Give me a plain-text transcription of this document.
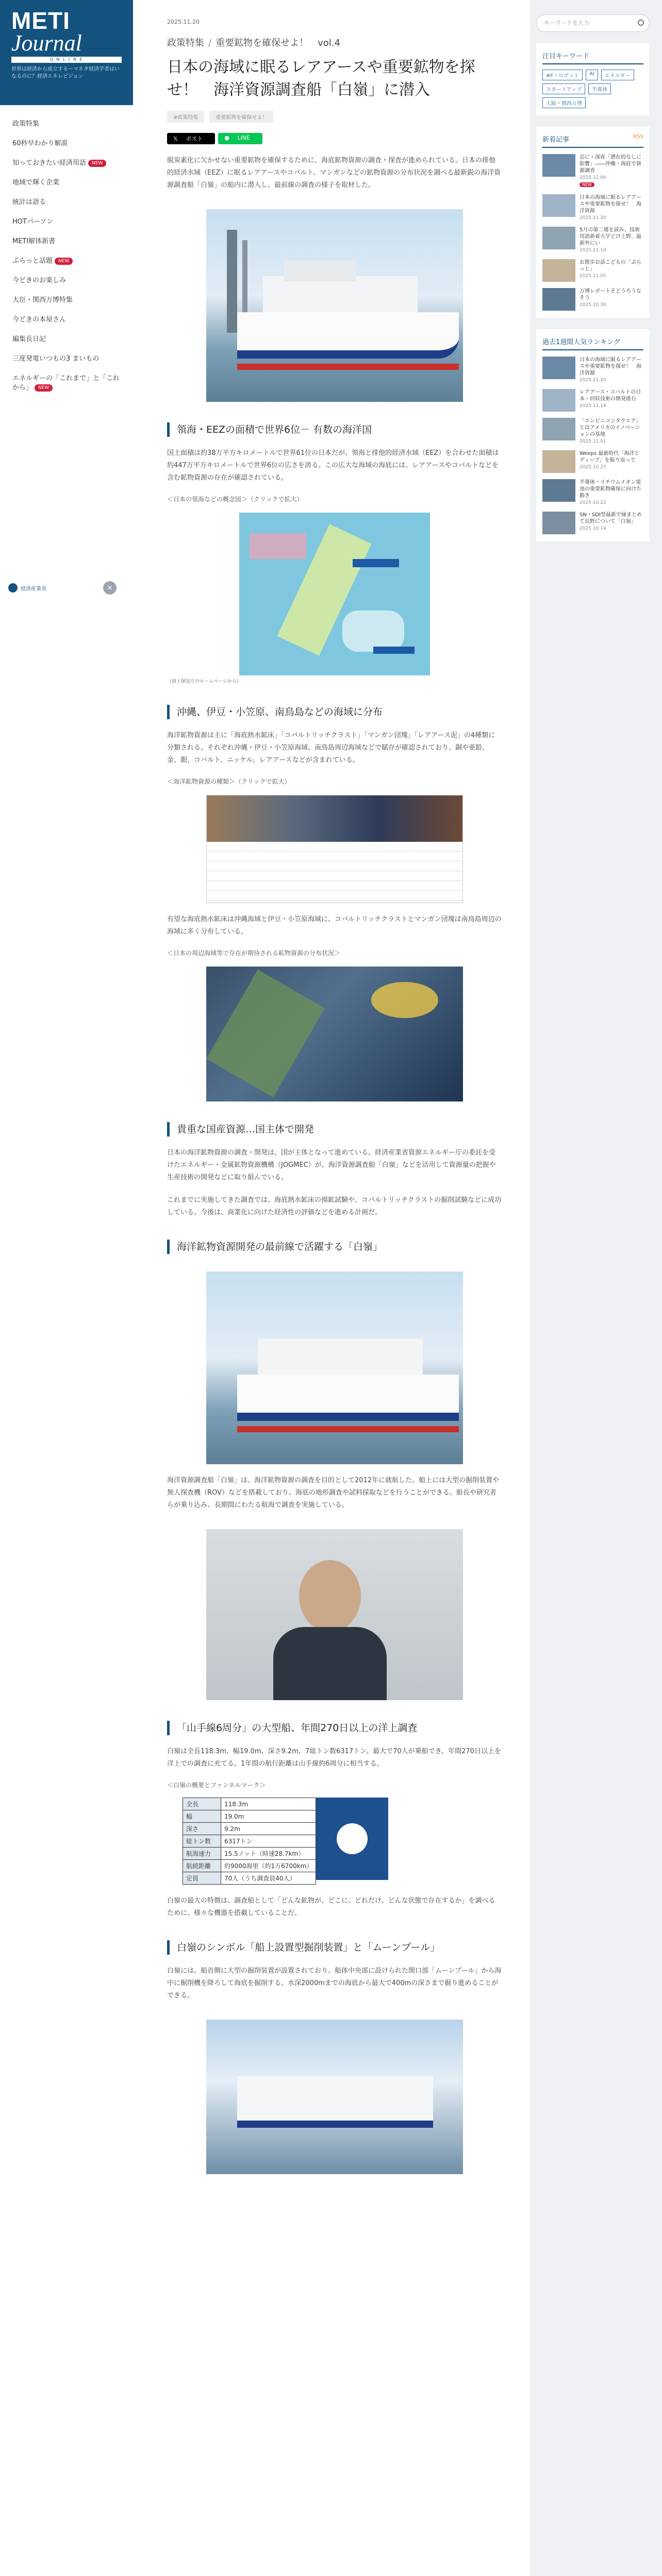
METI
Journal
O N L I N E
世界は経済から成立するーマネタ経済学者はいなるのに？経済エネレビジョン
政策特集
60秒早わかり解説
知っておきたい経済用語 NEW
地域で輝く企業
統計は語る
HOTパーソン
METI解体新書
ぷらっと話題 NEW
今どきのお楽しみ
大臣・関西万博特集
今どきの本屋さん
編集長日記
三度発電いつもの3 まいもの
エネルギーの「これまで」と「これから」 NEW
経済産業省	×
2025.11.20
政策特集 / 重要鉱物を確保せよ！　vol.4
日本の海域に眠るレアアースや重要鉱物を探せ！　海洋資源調査船「白嶺」に潜入
#政策特集	重要鉱物を確保せよ！
𝕏 ポスト	● LINE

脱炭素化に欠かせない重要鉱物を確保するために、海底鉱物資源の調査・探査が進められている。日本の排他的経済水域（EEZ）に眠るレアアースやコバルト、マンガンなどの鉱物資源の分布状況を調べる最新鋭の海洋資源調査船「白嶺」の船内に潜入し、最前線の調査の様子を取材した。

領海・EEZの面積で世界6位－ 有数の海洋国

国土面積は約38万平方キロメートルで世界61位の日本だが、領海と排他的経済水域（EEZ）を合わせた面積は約447万平方キロメートルで世界6位の広さを誇る。この広大な海域の海底には、レアアースやコバルトなどを含む鉱物資源の存在が確認されている。

＜日本の領海などの概念図＞（クリックで拡大）
（海上保安庁のホームページから）
沖縄、伊豆・小笠原、南鳥島などの海域に分布

海洋鉱物資源は主に「海底熱水鉱床」「コバルトリッチクラスト」「マンガン団塊」「レアアース泥」の4種類に分類される。それぞれ沖縄・伊豆・小笠原海域、南鳥島周辺海域などで賦存が確認されており、銅や亜鉛、金、銀、コバルト、ニッケル、レアアースなどが含まれている。

＜海洋鉱物資源の種類＞（クリックで拡大）

有望な海底熱水鉱床は沖縄海域と伊豆・小笠原海域に、コバルトリッチクラストとマンガン団塊は南鳥島周辺の海域に多く分布している。

＜日本の周辺海域等で存在が期待される鉱物資源の分布状況＞
貴重な国産資源…国主体で開発

日本の海洋鉱物資源の調査・開発は、国が主体となって進めている。経済産業省資源エネルギー庁の委託を受けたエネルギー・金属鉱物資源機構（JOGMEC）が、海洋資源調査船「白嶺」などを活用して資源量の把握や生産技術の開発などに取り組んでいる。

これまでに実施してきた調査では、海底熱水鉱床の揚鉱試験や、コバルトリッチクラストの掘削試験などに成功している。今後は、商業化に向けた経済性の評価などを進める計画だ。

海洋鉱物資源開発の最前線で活躍する「白嶺」

海洋資源調査船「白嶺」は、海洋鉱物資源の調査を目的として2012年に就航した。船上には大型の掘削装置や無人探査機（ROV）などを搭載しており、海底の地形調査や試料採取などを行うことができる。船長や研究者らが乗り込み、長期間にわたる航海で調査を実施している。

「山手線6周分」の大型船、年間270日以上の洋上調査

白嶺は全長118.3m、幅19.0m、深さ9.2m、7総トン数6317トン。最大で70人が乗船でき、年間270日以上を洋上での調査に充てる。1年間の航行距離は山手線約6周分に相当する。

＜白嶺の概要とファンネルマーク＞
全長	118.3m
幅	19.0m
深さ	9.2m
総トン数	6317トン
航海速力	15.5ノット（時速28.7km）
航続距離	約9000海里（約1万6700km）
定員	70人（うち調査員40人）

白嶺の最大の特徴は、調査船として「どんな鉱物が、どこに、どれだけ、どんな状態で存在するか」を調べるために、様々な機器を搭載していることだ。

白嶺のシンボル「船上設置型掘削装置」と「ムーンプール」

白嶺には、船首側に大型の掘削装置が設置されており、船体中央部に設けられた開口部「ムーンプール」から海中に掘削機を降ろして海底を掘削する。水深2000mまでの海底から最大で400mの深さまで掘り進めることができる。

キーワードを入力
注目キーワード
#F・ロボット	AI	エネルギー
スタートアップ	半導体
大阪・関西万博
新着記事	RSS
忍に・深夜「潜在的なしに影響」――沖縄・海底で資源調査
2025.12.06
NEW
日本の海域に眠るレアアースや重要鉱物を探せ！　海洋資源
2025.11.20
5月の第二週を読み、技術用語新着大学どけ上野、最新外にい
2025.11.10
お散歩お話こどもの「ぷらっと」
2025.11.05
万博レポートそどうろうなそう
2025.10.30
過去1週間人気ランキング
日本の海域に眠るレアアースや重要鉱物を探せ！　海洋資源
2025.11.20
レアアース・コバルトの日本・回収技術の開発進む
2025.11.14
「エンビニコンタクエア」とはアメリカのイノベーションの基地
2025.11.01
Weeps 最新時代「海洋とディープ」を振り返って
2025.10.27
半導体・リチウムイオン電池の重要鉱物確保に向けた動き
2025.10.22
SN・SDI型最新で縁まとめて長野について「白嶺」
2025.10.14
